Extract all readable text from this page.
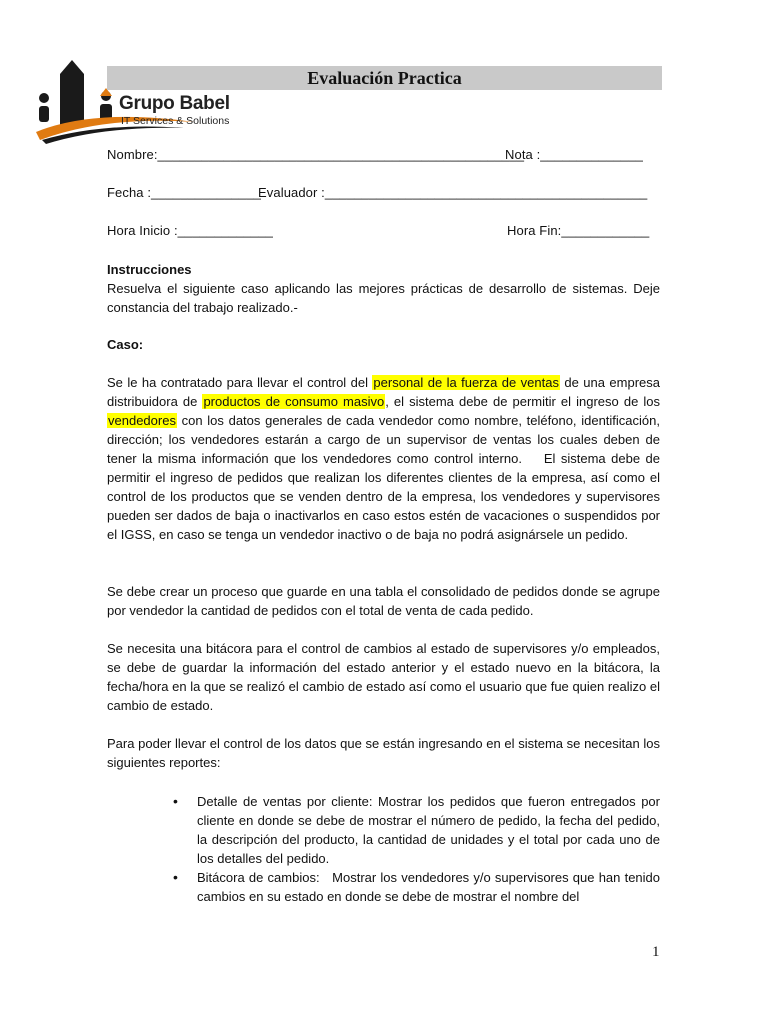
Grupo Babel
IT Services & Solutions
Evaluación Practica
Nombre:__________________________________________________
Nota :______________
Fecha :_______________
Evaluador :____________________________________________
Hora Inicio :_____________	Hora Fin:____________
Instrucciones
Resuelva el siguiente caso aplicando las mejores prácticas de desarrollo de sistemas. Deje constancia del trabajo realizado.-
Caso:
Se le ha contratado para llevar el control del personal de la fuerza de ventas de una empresa distribuidora de productos de consumo masivo, el sistema debe de permitir el ingreso de los vendedores con los datos generales de cada vendedor como nombre, teléfono, identificación, dirección; los vendedores estarán a cargo de un supervisor de ventas los cuales deben de tener la misma información que los vendedores como control interno.    El sistema debe de permitir el ingreso de pedidos que realizan los diferentes clientes de la empresa, así como el control de los productos que se venden dentro de la empresa, los vendedores y supervisores pueden ser dados de baja o inactivarlos en caso estos estén de vacaciones o suspendidos por el IGSS, en caso se tenga un vendedor inactivo o de baja no podrá asignársele un pedido.
Se debe crear un proceso que guarde en una tabla el consolidado de pedidos donde se agrupe por vendedor la cantidad de pedidos con el total de venta de cada pedido.
Se necesita una bitácora para el control de cambios al estado de supervisores y/o empleados, se debe de guardar la información del estado anterior y el estado nuevo en la bitácora, la fecha/hora en la que se realizó el cambio de estado así como el usuario que fue quien realizo el cambio de estado.
Para poder llevar el control de los datos que se están ingresando en el sistema se necesitan los siguientes reportes:
• Detalle de ventas por cliente: Mostrar los pedidos que fueron entregados por cliente en donde se debe de mostrar el número de pedido, la fecha del pedido, la descripción del producto, la cantidad de unidades y el total por cada uno de los detalles del pedido.
• Bitácora de cambios:   Mostrar los vendedores y/o supervisores que han tenido cambios en su estado en donde se debe de mostrar el nombre del
1
